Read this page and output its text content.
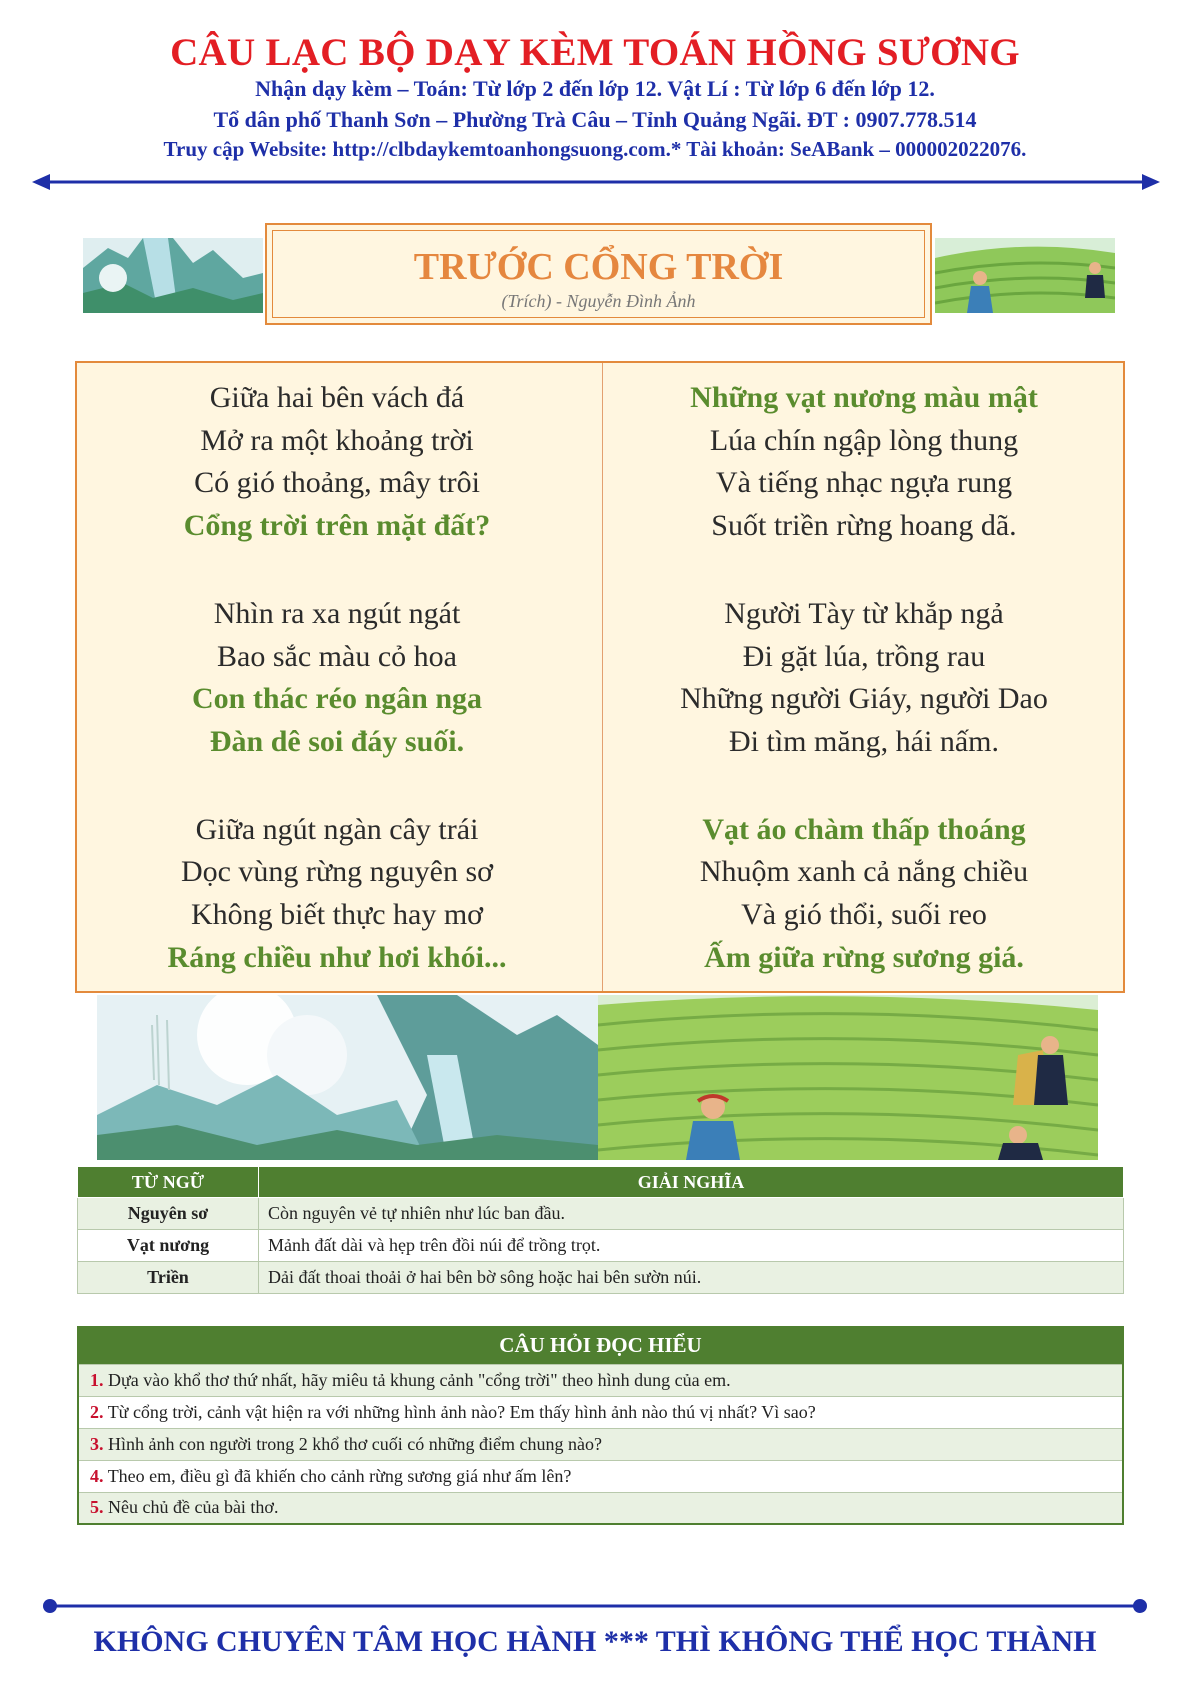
CÂU LẠC BỘ DẠY KÈM TOÁN HỒNG SƯƠNG
Nhận dạy kèm – Toán: Từ lớp 2 đến lớp 12. Vật Lí : Từ lớp 6 đến lớp 12.
Tổ dân phố Thanh Sơn – Phường Trà Câu – Tỉnh Quảng Ngãi. ĐT : 0907.778.514
Truy cập Website: http://clbdaykemtoanhongsuong.com.* Tài khoản: SeABank – 000002022076.
TRƯỚC CỔNG TRỜI
(Trích) - Nguyễn Đình Ảnh
Giữa hai bên vách đá
Mở ra một khoảng trời
Có gió thoảng, mây trôi
Cổng trời trên mặt đất?
Nhìn ra xa ngút ngát
Bao sắc màu cỏ hoa
Con thác réo ngân nga
Đàn dê soi đáy suối.
Giữa ngút ngàn cây trái
Dọc vùng rừng nguyên sơ
Không biết thực hay mơ
Ráng chiều như hơi khói...
Những vạt nương màu mật
Lúa chín ngập lòng thung
Và tiếng nhạc ngựa rung
Suốt triền rừng hoang dã.
Người Tày từ khắp ngả
Đi gặt lúa, trồng rau
Những người Giáy, người Dao
Đi tìm măng, hái nấm.
Vạt áo chàm thấp thoáng
Nhuộm xanh cả nắng chiều
Và gió thổi, suối reo
Ấm giữa rừng sương giá.
TỪ NGỮ	GIẢI NGHĨA
Nguyên sơ	Còn nguyên vẻ tự nhiên như lúc ban đầu.
Vạt nương	Mảnh đất dài và hẹp trên đồi núi để trồng trọt.
Triền	Dải đất thoai thoải ở hai bên bờ sông hoặc hai bên sườn núi.
CÂU HỎI ĐỌC HIỂU
1. Dựa vào khổ thơ thứ nhất, hãy miêu tả khung cảnh "cổng trời" theo hình dung của em.
2. Từ cổng trời, cảnh vật hiện ra với những hình ảnh nào? Em thấy hình ảnh nào thú vị nhất? Vì sao?
3. Hình ảnh con người trong 2 khổ thơ cuối có những điểm chung nào?
4. Theo em, điều gì đã khiến cho cảnh rừng sương giá như ấm lên?
5. Nêu chủ đề của bài thơ.
KHÔNG CHUYÊN TÂM HỌC HÀNH *** THÌ KHÔNG THỂ HỌC THÀNH
